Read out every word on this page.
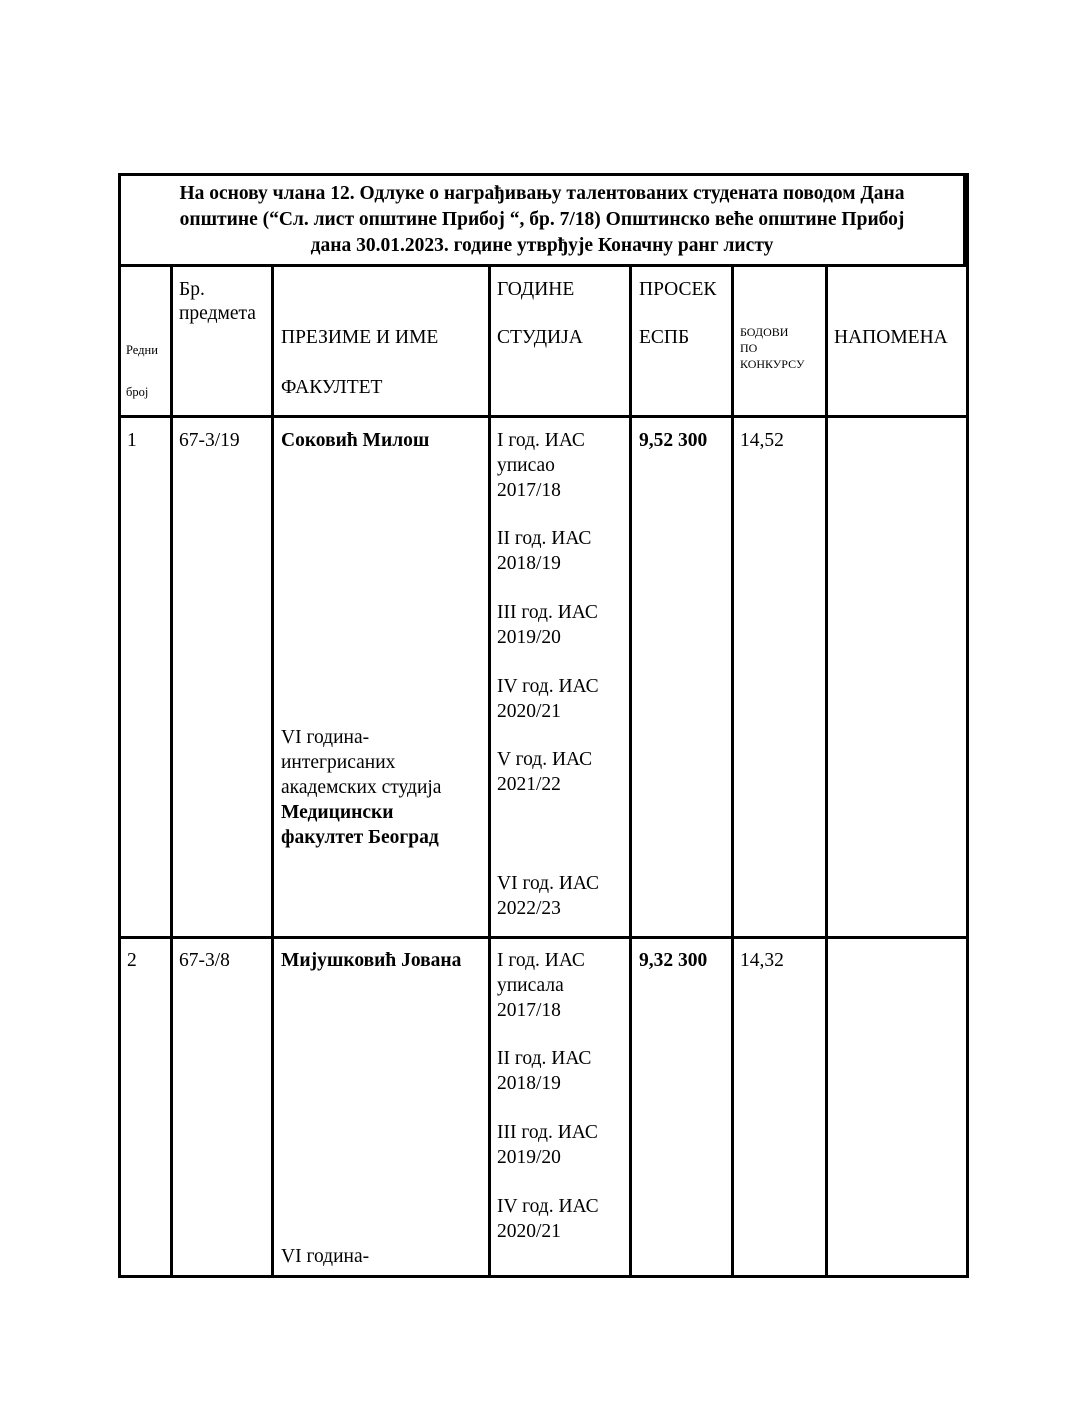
На основу члана 12. Одлуке о награђивању талентованих студената поводом Дана
општине (“Сл. лист општине Прибој “, бр. 7/18) Општинско веће општине Прибој
дана 30.01.2023. године утврђује Коначну ранг листу
Редни
број
Бр.
предмета
ПРЕЗИМЕ И ИМЕ
ФАКУЛТЕТ
ГОДИНЕ
СТУДИЈА
ПРОСЕК
ЕСПБ	БОДОВИ
ПО
КОНКУРСУ
НАПОМЕНА
1 67-3/19 Соковић Милош
VI година-
интегрисаних
академских студија
Медицински
факултет Београд
I год. ИАС
уписао
2017/18
II год. ИАС
2018/19
III год. ИАС
2019/20
IV год. ИАС
2020/21
V год. ИАС
2021/22
VI год. ИАС
2022/23
9,52 300 14,52
2 67-3/8	Мијушковић Јована
VI година-
I год. ИАС
уписала
2017/18
II год. ИАС
2018/19
III год. ИАС
2019/20
IV год. ИАС
2020/21
9,32 300 14,32
